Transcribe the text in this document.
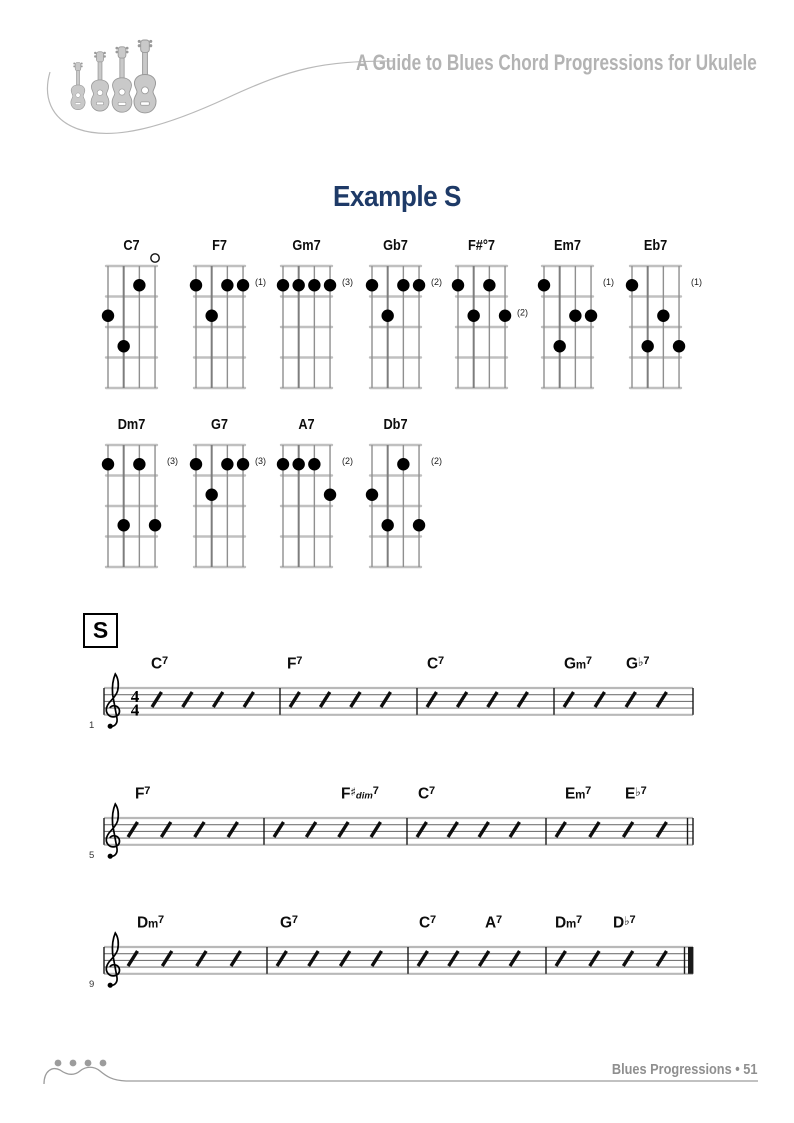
A Guide to Blues Chord Progressions for Ukulele
Example S
C7	F7
(1)
Gm7
(3)
Gb7
(2)
F#°7
(2)
Em7
(1)
Eb7
(1)
Dm7
(3)
G7
(3)
A7
(2)
Db7
(2)
S
Blues Progressions • 51
4
4
1
$C^7$	$F^7$	$C^7$	Gm$^7$ G♭$^7$
5
$F^7$	F♯dim$^7$	$C^7$	Em$^7$ E♭$^7$
9
Dm$^7$	$G^7$	$C^7$	$A^7$	Dm$^7$ D♭$^7$
